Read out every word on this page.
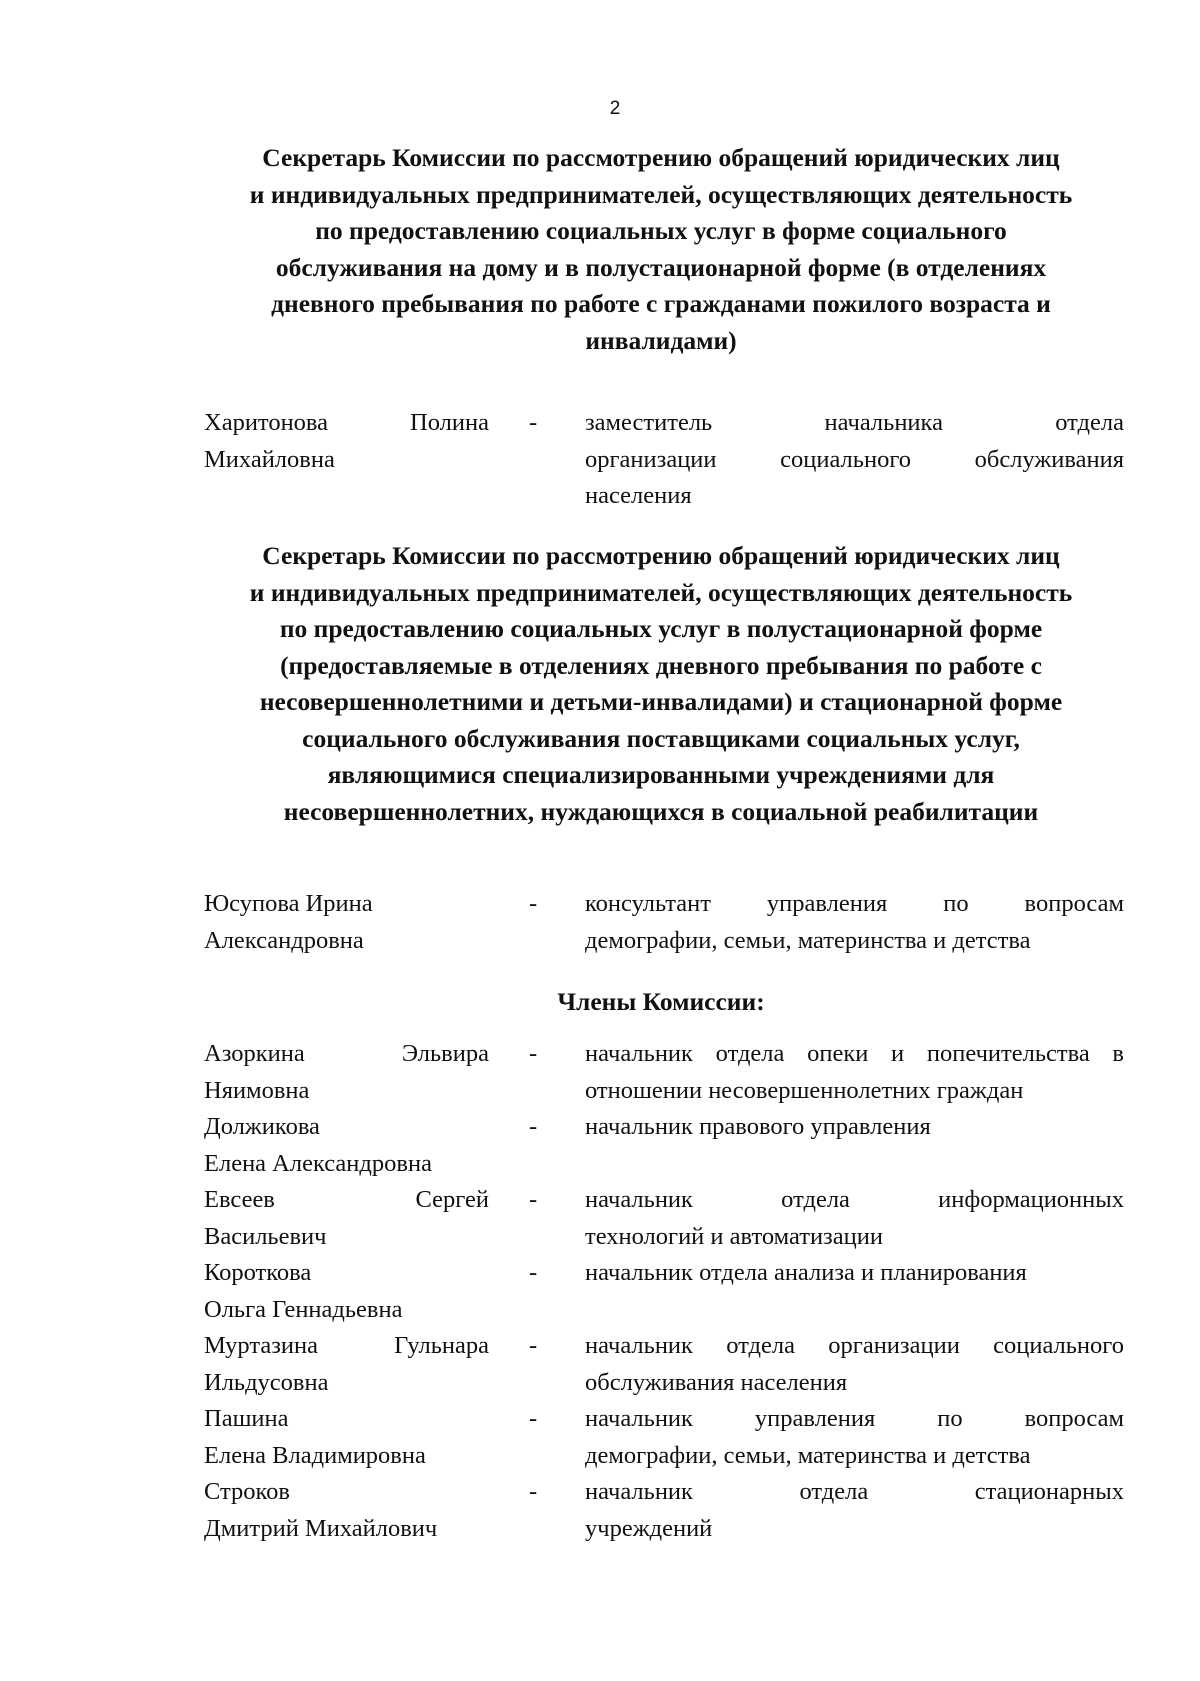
2
Секретарь Комиссии по рассмотрению обращений юридических лиц
и индивидуальных предпринимателей, осуществляющих деятельность
по предоставлению социальных услуг в форме социального
обслуживания на дому и в полустационарной форме (в отделениях
дневного пребывания по работе с гражданами пожилого возраста и
инвалидами)
Харитонова Полина
Михайловна
- заместитель начальника отдела
организации социального обслуживания
населения
Секретарь Комиссии по рассмотрению обращений юридических лиц
и индивидуальных предпринимателей, осуществляющих деятельность
по предоставлению социальных услуг в полустационарной форме
(предоставляемые в отделениях дневного пребывания по работе с
несовершеннолетними и детьми-инвалидами) и стационарной форме
социального обслуживания поставщиками социальных услуг,
являющимися специализированными учреждениями для
несовершеннолетних, нуждающихся в социальной реабилитации
Юсупова Ирина
Александровна
- консультант управления по вопросам
демографии, семьи, материнства и детства
Члены Комиссии:
Азоркина Эльвира
Няимовна
- начальник отдела опеки и попечительства в
отношении несовершеннолетних граждан
Должикова
Елена Александровна
- начальник правового управления
Евсеев Сергей
Васильевич
- начальник отдела информационных
технологий и автоматизации
Короткова
Ольга Геннадьевна
- начальник отдела анализа и планирования
Муртазина Гульнара
Ильдусовна
- начальник отдела организации социального
обслуживания населения
Пашина
Елена Владимировна
- начальник управления по вопросам
демографии, семьи, материнства и детства
Строков
Дмитрий Михайлович
- начальник отдела стационарных
учреждений
